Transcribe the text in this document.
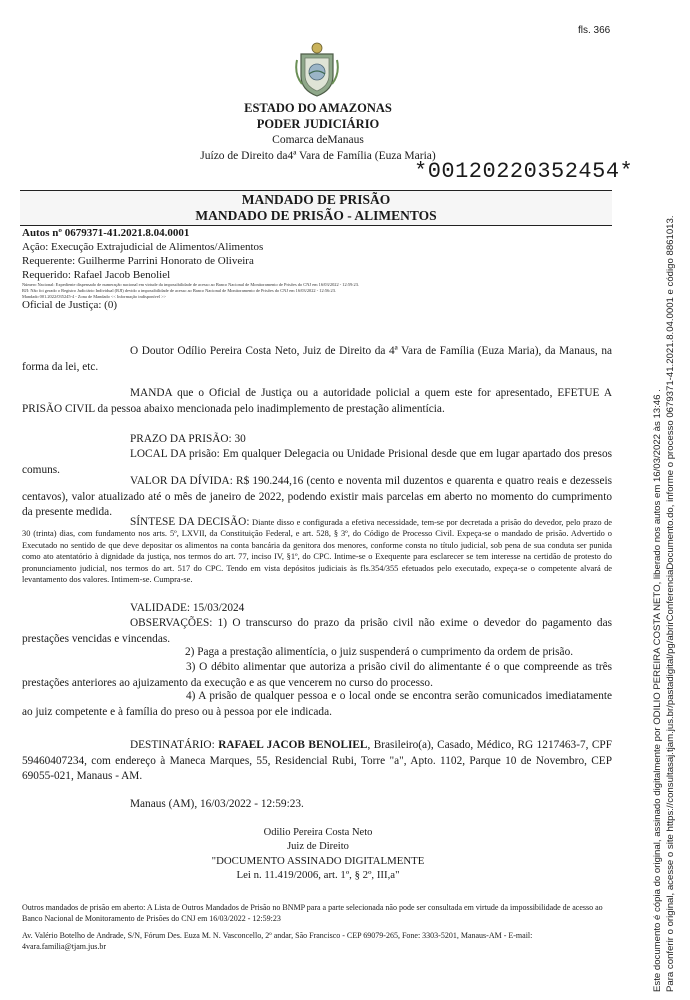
fls. 366
ESTADO DO AMAZONAS
PODER JUDICIÁRIO
Comarca deManaus
Juízo de Direito da4ª Vara de Família (Euza Maria)
*00120220352454*
MANDADO DE PRISÃO
MANDADO DE PRISÃO - ALIMENTOS
Autos nº 0679371-41.2021.8.04.0001
Ação: Execução Extrajudicial de Alimentos/Alimentos
Requerente: Guilherme Parrini Honorato de Oliveira
Requerido: Rafael Jacob Benoliel
Número Nacional: Expediente dispensado de numeração nacional em virtude da impossibilidade de acesso ao Banco Nacional de Monitoramento de Prisões do CNJ em 16/03/2022 - 12:59:23.
RJI: Não foi gerado o Registro Judiciário Individual (RJI) devido a impossibilidade de acesso ao Banco Nacional de Monitoramento de Prisões do CNJ em 16/03/2022 - 12:56:23.
Mandado 001.2022/035245-4 - Zona de Mandado << Informação indisponível >>
Oficial de Justiça: (0)
O Doutor Odílio Pereira Costa Neto, Juiz de Direito da 4ª Vara de Família (Euza Maria), da Manaus, na forma da lei, etc.
MANDA que o Oficial de Justiça ou a autoridade policial a quem este for apresentado, EFETUE A PRISÃO CIVIL da pessoa abaixo mencionada pelo inadimplemento de prestação alimentícia.
PRAZO DA PRISÃO: 30
LOCAL DA prisão: Em qualquer Delegacia ou Unidade Prisional desde que em lugar apartado dos presos comuns.
VALOR DA DÍVIDA: R$ 190.244,16 (cento e noventa mil duzentos e quarenta e quatro reais e dezesseis centavos), valor atualizado até o mês de janeiro de 2022, podendo existir mais parcelas em aberto no momento do cumprimento da presente medida.
SÍNTESE DA DECISÃO: Diante disso e configurada a efetiva necessidade, tem-se por decretada a prisão do devedor, pelo prazo de 30 (trinta) dias, com fundamento nos arts. 5º, LXVII, da Constituição Federal, e art. 528, § 3º, do Código de Processo Civil. Expeça-se o mandado de prisão. Advertido o Executado no sentido de que deve depositar os alimentos na conta bancária da genitora dos menores, conforme consta no título judicial, sob pena de sua conduta ser punida como ato atentatório à dignidade da justiça, nos termos do art. 77, inciso IV, §1º, do CPC. Intime-se o Exequente para esclarecer se tem interesse na certidão de protesto do pronunciamento judicial, nos termos do art. 517 do CPC. Tendo em vista depósitos judiciais às fls.354/355 efetuados pelo executado, expeça-se o competente alvará de levantamento dos valores. Intimem-se. Cumpra-se.
VALIDADE: 15/03/2024
OBSERVAÇÕES: 1) O transcurso do prazo da prisão civil não exime o devedor do pagamento das prestações vencidas e vincendas.
2) Paga a prestação alimentícia, o juiz suspenderá o cumprimento da ordem de prisão.
3) O débito alimentar que autoriza a prisão civil do alimentante é o que compreende as três prestações anteriores ao ajuizamento da execução e as que vencerem no curso do processo.
4) A prisão de qualquer pessoa e o local onde se encontra serão comunicados imediatamente ao juiz competente e à família do preso ou à pessoa por ele indicada.
DESTINATÁRIO: RAFAEL JACOB BENOLIEL, Brasileiro(a), Casado, Médico, RG 1217463-7, CPF 59460407234, com endereço à Maneca Marques, 55, Residencial Rubi, Torre "a", Apto. 1102, Parque 10 de Novembro, CEP 69055-021, Manaus - AM.
Manaus (AM), 16/03/2022 - 12:59:23.
Odilio Pereira Costa Neto
Juiz de Direito
"DOCUMENTO ASSINADO DIGITALMENTE
Lei n. 11.419/2006, art. 1º, § 2º, III,a"
Outros mandados de prisão em aberto: A Lista de Outros Mandados de Prisão no BNMP para a parte selecionada não pode ser consultada em virtude da impossibilidade de acesso ao Banco Nacional de Monitoramento de Prisões do CNJ em 16/03/2022 - 12:59:23
Av. Valério Botelho de Andrade, S/N, Fórum Des. Euza M. N. Vasconcello, 2º andar, São Francisco - CEP 69079-265, Fone: 3303-5201, Manaus-AM - E-mail: 4vara.familia@tjam.jus.br	Este documento é cópia do original, assinado digitalmente por ODILIO PEREIRA COSTA NETO, liberado nos autos em 16/03/2022 às 13:46 . Para conferir o original, acesse o site https://consultasaj.tjam.jus.br/pastadigital/pg/abrirConferenciaDocumento.do, informe o processo 0679371-41.2021.8.04.0001 e código 8861013.
